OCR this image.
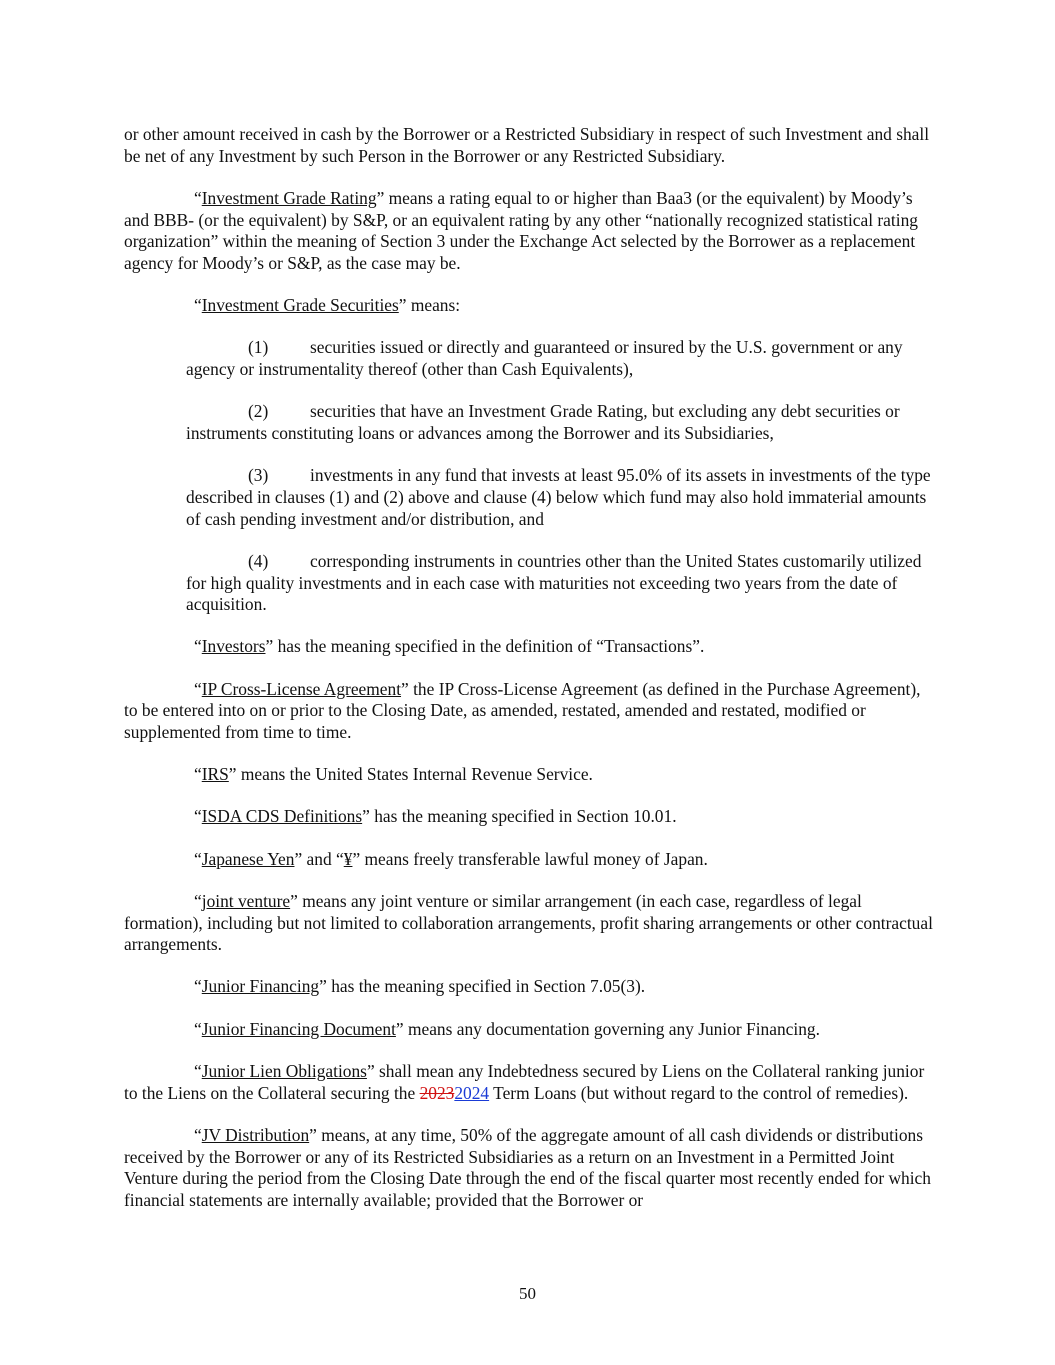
or other amount received in cash by the Borrower or a Restricted Subsidiary in respect of such Investment and shall be net of any Investment by such Person in the Borrower or any Restricted Subsidiary.

“Investment Grade Rating” means a rating equal to or higher than Baa3 (or the equivalent) by Moody’s and BBB- (or the equivalent) by S&P, or an equivalent rating by any other “nationally recognized statistical rating organization” within the meaning of Section 3 under the Exchange Act selected by the Borrower as a replacement agency for Moody’s or S&P, as the case may be.

“Investment Grade Securities” means:

(1) securities issued or directly and guaranteed or insured by the U.S. government or any agency or instrumentality thereof (other than Cash Equivalents),

(2) securities that have an Investment Grade Rating, but excluding any debt securities or instruments constituting loans or advances among the Borrower and its Subsidiaries,

(3) investments in any fund that invests at least 95.0% of its assets in investments of the type described in clauses (1) and (2) above and clause (4) below which fund may also hold immaterial amounts of cash pending investment and/or distribution, and

(4) corresponding instruments in countries other than the United States customarily utilized for high quality investments and in each case with maturities not exceeding two years from the date of acquisition.

“Investors” has the meaning specified in the definition of “Transactions”.

“IP Cross-License Agreement” the IP Cross-License Agreement (as defined in the Purchase Agreement), to be entered into on or prior to the Closing Date, as amended, restated, amended and restated, modified or supplemented from time to time.

“IRS” means the United States Internal Revenue Service.

“ISDA CDS Definitions” has the meaning specified in Section 10.01.

“Japanese Yen” and “¥” means freely transferable lawful money of Japan.

“joint venture” means any joint venture or similar arrangement (in each case, regardless of legal formation), including but not limited to collaboration arrangements, profit sharing arrangements or other contractual arrangements.

“Junior Financing” has the meaning specified in Section 7.05(3).

“Junior Financing Document” means any documentation governing any Junior Financing.

“Junior Lien Obligations” shall mean any Indebtedness secured by Liens on the Collateral ranking junior to the Liens on the Collateral securing the 20232024 Term Loans (but without regard to the control of remedies).

“JV Distribution” means, at any time, 50% of the aggregate amount of all cash dividends or distributions received by the Borrower or any of its Restricted Subsidiaries as a return on an Investment in a Permitted Joint Venture during the period from the Closing Date through the end of the fiscal quarter most recently ended for which financial statements are internally available; provided that the Borrower or

50
